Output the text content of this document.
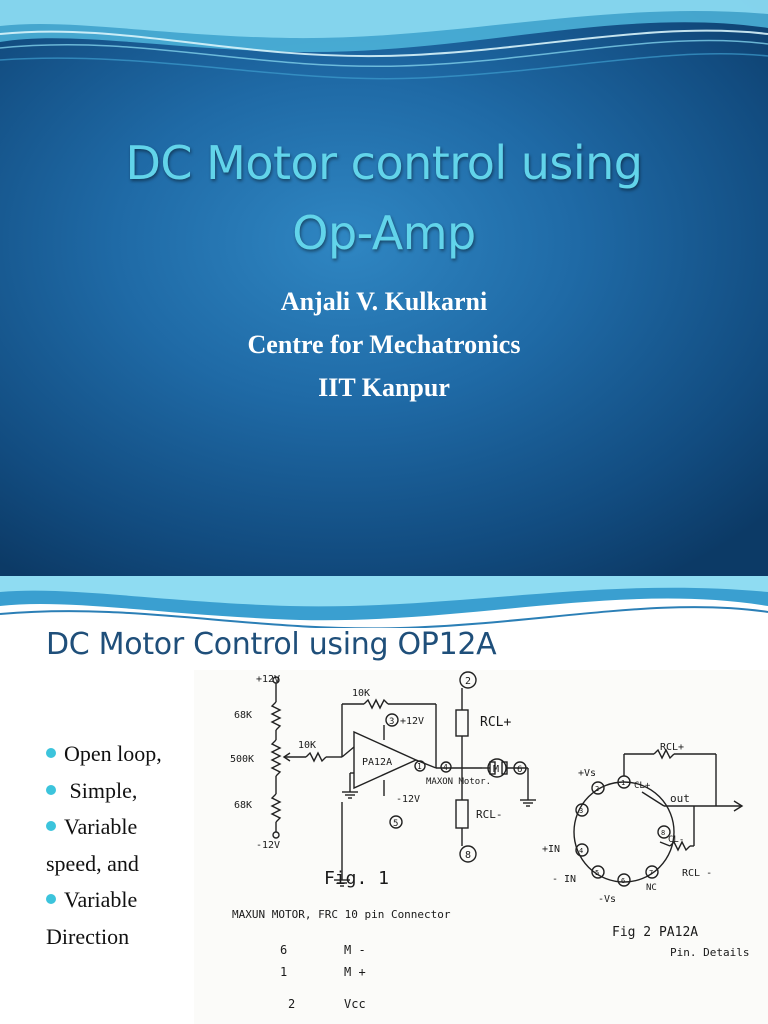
DC Motor control using
Op-Amp
Anjali V. Kulkarni
Centre for Mechatronics
IIT Kanpur
DC Motor Control using OP12A
Open loop,
Simple,
Variable
speed, and
Variable
Direction
+12V
68K
500K
68K
-12V
10K
10K
PA12A
3 +12V
-12V
1	4
5
2
6
8
RCL+
RCL-
M
MAXON Motor.
Fig. 1
MAXUN MOTOR, FRC 10 pin Connector
6	M -
1	M +
2	Vcc
RCL+
CL+
out
CL-
RCL -
+Vs
+IN
- IN
-Vs
NC
1
2
3
4
5
6
7
8
Fig 2 PA12A
Pin. Details
